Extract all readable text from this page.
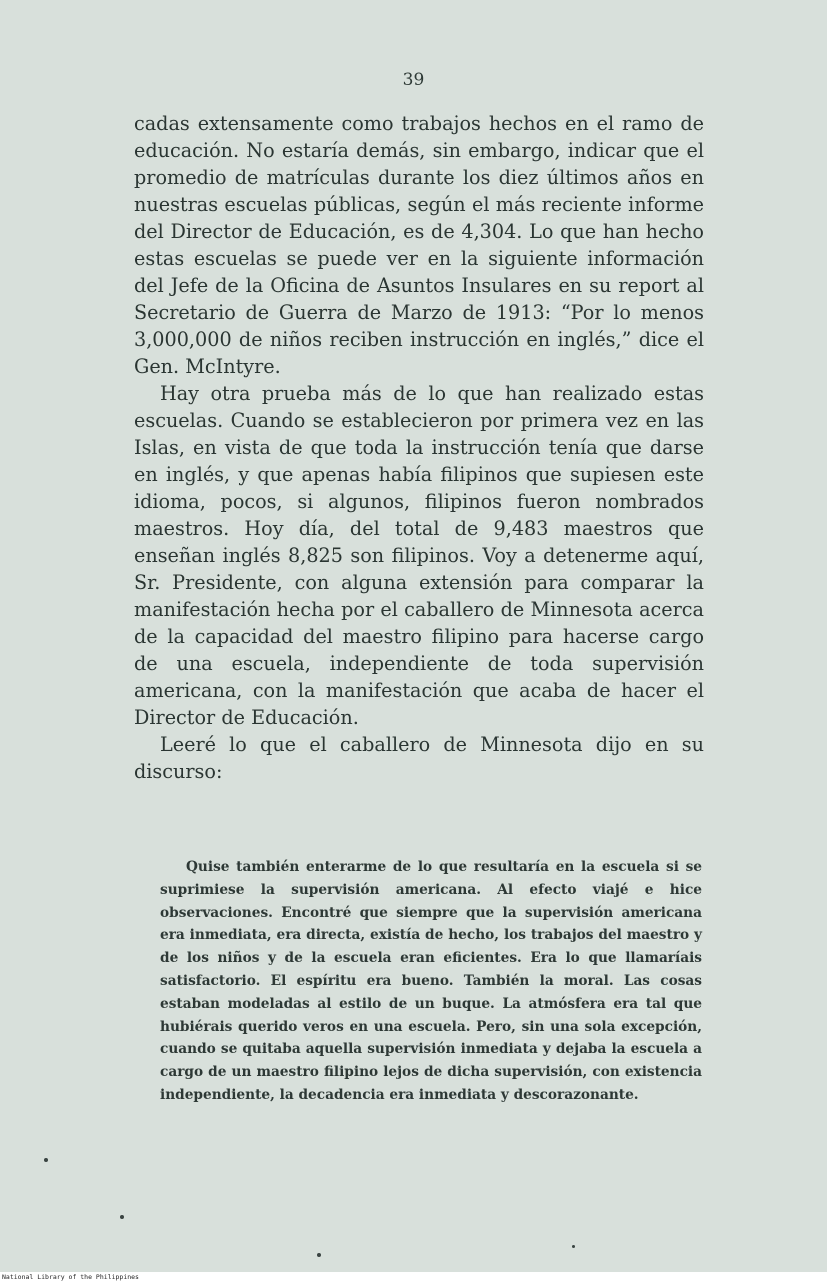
39

cadas extensamente como trabajos hechos en el ramo de educación. No estaría demás, sin embargo, indicar que el promedio de matrículas durante los diez últimos años en nuestras escuelas públicas, según el más reciente informe del Director de Educación, es de 4,304. Lo que han hecho estas escuelas se puede ver en la siguiente información del Jefe de la Oficina de Asuntos Insulares en su report al Secretario de Guerra de Marzo de 1913: “Por lo menos 3,000,000 de niños reciben instrucción en inglés,” dice el Gen. McIntyre.

Hay otra prueba más de lo que han realizado estas escuelas. Cuando se establecieron por primera vez en las Islas, en vista de que toda la instrucción tenía que darse en inglés, y que apenas había filipinos que supiesen este idioma, pocos, si algunos, filipinos fueron nombrados maestros. Hoy día, del total de 9,483 maestros que enseñan inglés 8,825 son filipinos. Voy a detenerme aquí, Sr. Presidente, con alguna extensión para comparar la manifestación hecha por el caballero de Minnesota acerca de la capacidad del maestro filipino para hacerse cargo de una escuela, independiente de toda supervisión americana, con la manifestación que acaba de hacer el Director de Educación.

Leeré lo que el caballero de Minnesota dijo en su discurso:

Quise también enterarme de lo que resultaría en la escuela si se suprimiese la supervisión americana. Al efecto viajé e hice observaciones. Encontré que siempre que la supervisión americana era inmediata, era directa, existía de hecho, los trabajos del maestro y de los niños y de la escuela eran eficientes. Era lo que llamaríais satisfactorio. El espíritu era bueno. También la moral. Las cosas estaban modeladas al estilo de un buque. La atmósfera era tal que hubiérais querido veros en una escuela. Pero, sin una sola excepción, cuando se quitaba aquella supervisión inmediata y dejaba la escuela a cargo de un maestro filipino lejos de dicha supervisión, con existencia independiente, la decadencia era inmediata y descorazonante.

National Library of the Philippines
